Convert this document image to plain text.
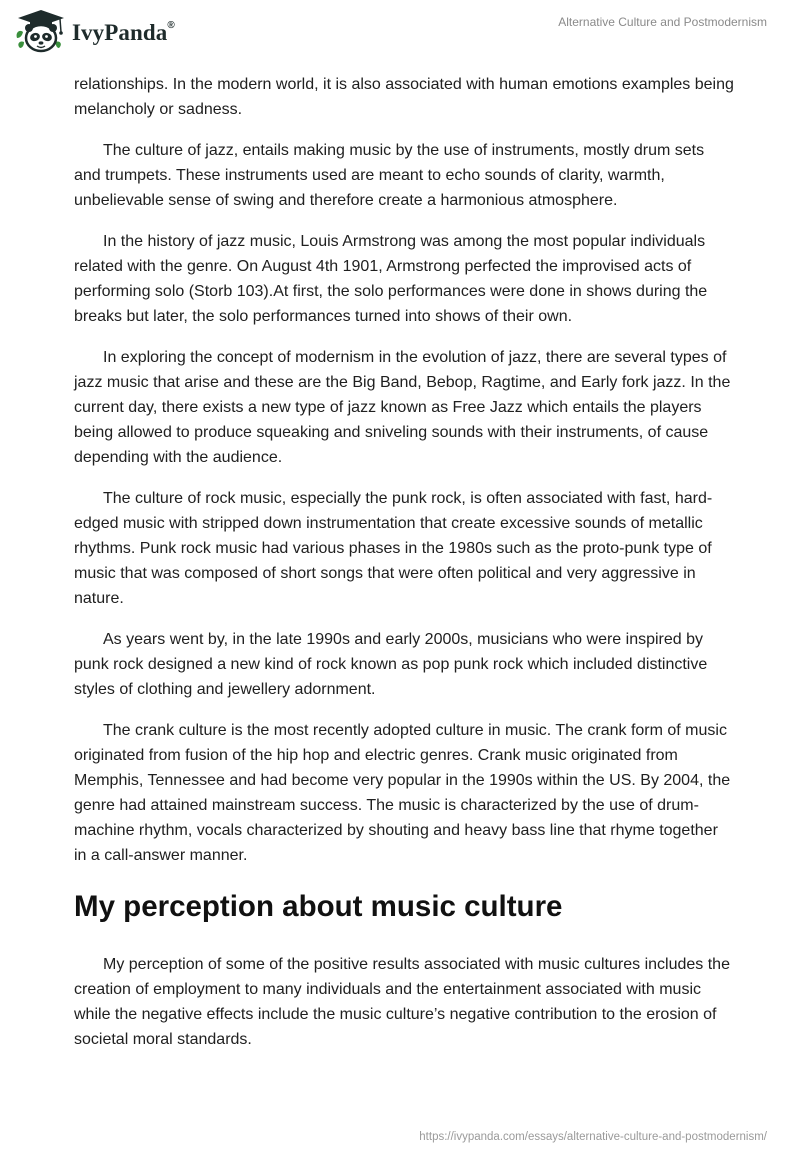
IvyPanda®	Alternative Culture and Postmodernism

relationships. In the modern world, it is also associated with human emotions examples being melancholy or sadness.

The culture of jazz, entails making music by the use of instruments, mostly drum sets and trumpets. These instruments used are meant to echo sounds of clarity, warmth, unbelievable sense of swing and therefore create a harmonious atmosphere.

In the history of jazz music, Louis Armstrong was among the most popular individuals related with the genre. On August 4th 1901, Armstrong perfected the improvised acts of performing solo (Storb 103).At first, the solo performances were done in shows during the breaks but later, the solo performances turned into shows of their own.

In exploring the concept of modernism in the evolution of jazz, there are several types of jazz music that arise and these are the Big Band, Bebop, Ragtime, and Early fork jazz. In the current day, there exists a new type of jazz known as Free Jazz which entails the players being allowed to produce squeaking and sniveling sounds with their instruments, of cause depending with the audience.

The culture of rock music, especially the punk rock, is often associated with fast, hard-edged music with stripped down instrumentation that create excessive sounds of metallic rhythms. Punk rock music had various phases in the 1980s such as the proto-punk type of music that was composed of short songs that were often political and very aggressive in nature.

As years went by, in the late 1990s and early 2000s, musicians who were inspired by punk rock designed a new kind of rock known as pop punk rock which included distinctive styles of clothing and jewellery adornment.

The crank culture is the most recently adopted culture in music. The crank form of music originated from fusion of the hip hop and electric genres. Crank music originated from Memphis, Tennessee and had become very popular in the 1990s within the US. By 2004, the genre had attained mainstream success. The music is characterized by the use of drum-machine rhythm, vocals characterized by shouting and heavy bass line that rhyme together in a call-answer manner.

My perception about music culture

My perception of some of the positive results associated with music cultures includes the creation of employment to many individuals and the entertainment associated with music while the negative effects include the music culture’s negative contribution to the erosion of societal moral standards.

https://ivypanda.com/essays/alternative-culture-and-postmodernism/
